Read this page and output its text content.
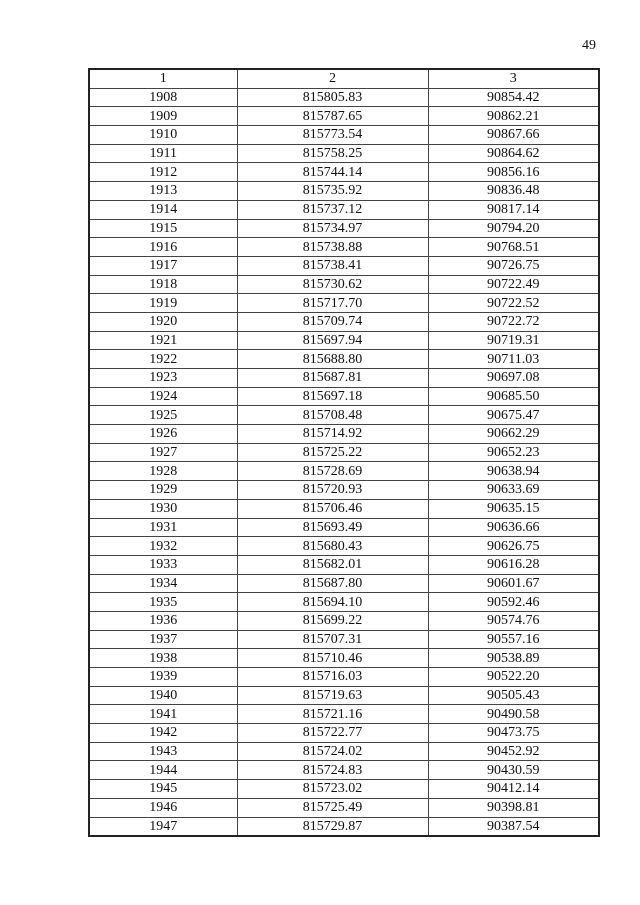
49
1	2	3
1908	815805.83	90854.42
1909	815787.65	90862.21
1910	815773.54	90867.66
1911	815758.25	90864.62
1912	815744.14	90856.16
1913	815735.92	90836.48
1914	815737.12	90817.14
1915	815734.97	90794.20
1916	815738.88	90768.51
1917	815738.41	90726.75
1918	815730.62	90722.49
1919	815717.70	90722.52
1920	815709.74	90722.72
1921	815697.94	90719.31
1922	815688.80	90711.03
1923	815687.81	90697.08
1924	815697.18	90685.50
1925	815708.48	90675.47
1926	815714.92	90662.29
1927	815725.22	90652.23
1928	815728.69	90638.94
1929	815720.93	90633.69
1930	815706.46	90635.15
1931	815693.49	90636.66
1932	815680.43	90626.75
1933	815682.01	90616.28
1934	815687.80	90601.67
1935	815694.10	90592.46
1936	815699.22	90574.76
1937	815707.31	90557.16
1938	815710.46	90538.89
1939	815716.03	90522.20
1940	815719.63	90505.43
1941	815721.16	90490.58
1942	815722.77	90473.75
1943	815724.02	90452.92
1944	815724.83	90430.59
1945	815723.02	90412.14
1946	815725.49	90398.81
1947	815729.87	90387.54
